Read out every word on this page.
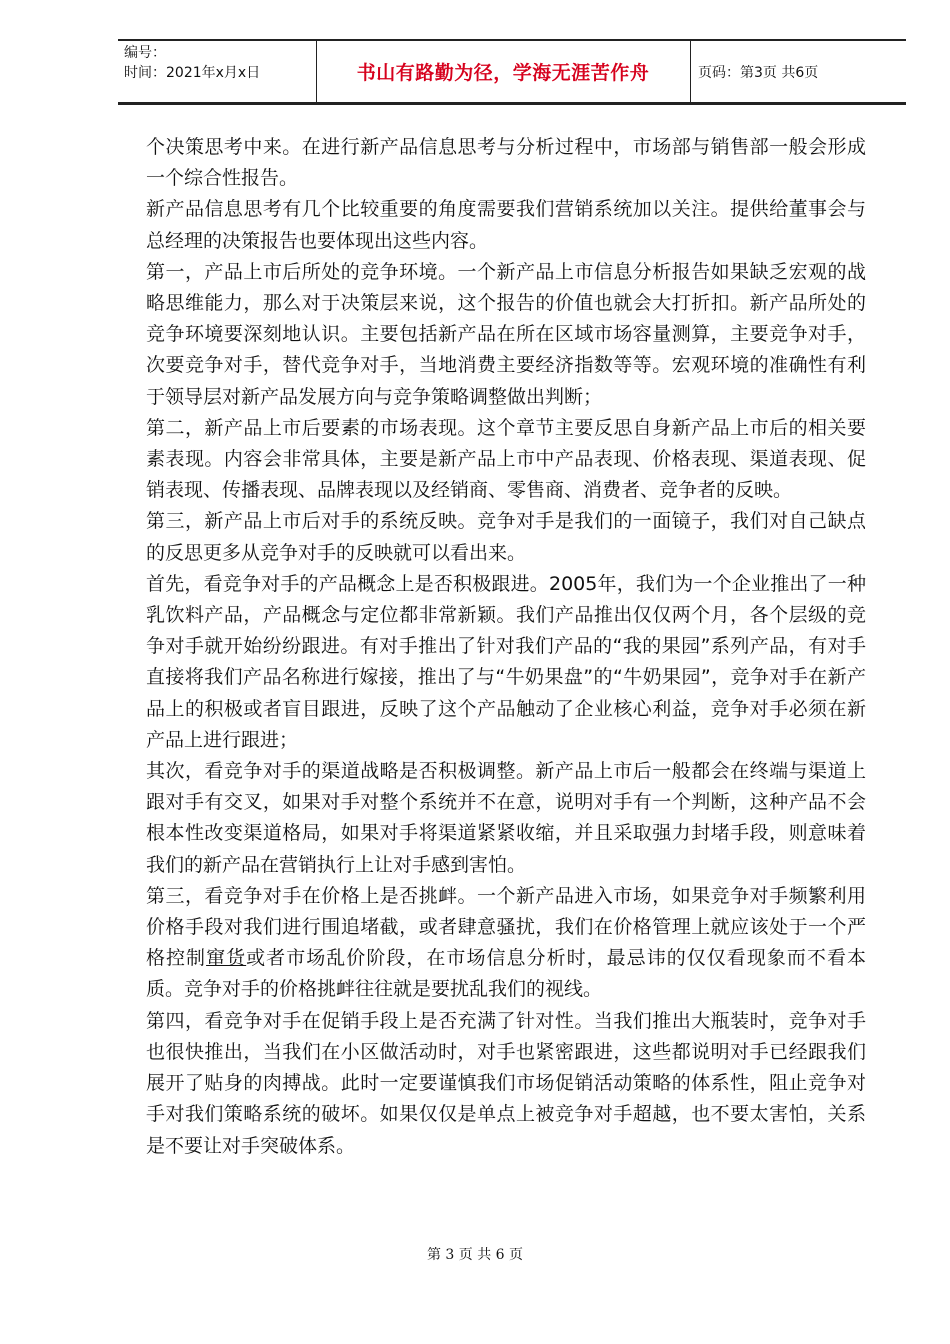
编号：
时间：2021年x月x日	书山有路勤为径，学海无涯苦作舟	页码：第3页 共6页

个决策思考中来。在进行新产品信息思考与分析过程中，市场部与销售部一般会形成一个综合性报告。

新产品信息思考有几个比较重要的角度需要我们营销系统加以关注。提供给董事会与总经理的决策报告也要体现出这些内容。

第一，产品上市后所处的竞争环境。一个新产品上市信息分析报告如果缺乏宏观的战略思维能力，那么对于决策层来说，这个报告的价值也就会大打折扣。新产品所处的竞争环境要深刻地认识。主要包括新产品在所在区域市场容量测算，主要竞争对手，次要竞争对手，替代竞争对手，当地消费主要经济指数等等。宏观环境的准确性有利于领导层对新产品发展方向与竞争策略调整做出判断；

第二，新产品上市后要素的市场表现。这个章节主要反思自身新产品上市后的相关要素表现。内容会非常具体，主要是新产品上市中产品表现、价格表现、渠道表现、促销表现、传播表现、品牌表现以及经销商、零售商、消费者、竞争者的反映。

第三，新产品上市后对手的系统反映。竞争对手是我们的一面镜子，我们对自己缺点的反思更多从竞争对手的反映就可以看出来。

首先，看竞争对手的产品概念上是否积极跟进。2005年，我们为一个企业推出了一种乳饮料产品，产品概念与定位都非常新颖。我们产品推出仅仅两个月，各个层级的竞争对手就开始纷纷跟进。有对手推出了针对我们产品的“我的果园”系列产品，有对手直接将我们产品名称进行嫁接，推出了与“牛奶果盘”的“牛奶果园”，竞争对手在新产品上的积极或者盲目跟进，反映了这个产品触动了企业核心利益，竞争对手必须在新产品上进行跟进；

其次，看竞争对手的渠道战略是否积极调整。新产品上市后一般都会在终端与渠道上跟对手有交叉，如果对手对整个系统并不在意，说明对手有一个判断，这种产品不会根本性改变渠道格局，如果对手将渠道紧紧收缩，并且采取强力封堵手段，则意味着我们的新产品在营销执行上让对手感到害怕。

第三，看竞争对手在价格上是否挑衅。一个新产品进入市场，如果竞争对手频繁利用价格手段对我们进行围追堵截，或者肆意骚扰，我们在价格管理上就应该处于一个严格控制窜货或者市场乱价阶段，在市场信息分析时，最忌讳的仅仅看现象而不看本质。竞争对手的价格挑衅往往就是要扰乱我们的视线。

第四，看竞争对手在促销手段上是否充满了针对性。当我们推出大瓶装时，竞争对手也很快推出，当我们在小区做活动时，对手也紧密跟进，这些都说明对手已经跟我们展开了贴身的肉搏战。此时一定要谨慎我们市场促销活动策略的体系性，阻止竞争对手对我们策略系统的破坏。如果仅仅是单点上被竞争对手超越，也不要太害怕，关系是不要让对手突破体系。

第 3 页 共 6 页
